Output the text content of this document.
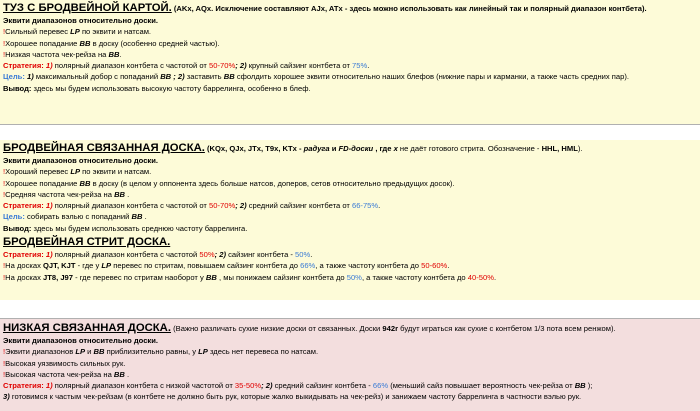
ТУЗ С БРОДВЕЙНОЙ КАРТОЙ. (AKx, AQx. Исключение составляют AJx, ATx - здесь можно использовать как линейный так и полярный диапазон контбета).
Эквити диапазонов относительно доски.
!Сильный перевес LP по эквити и натсам.
!Хорошее попадание BB в доску (особенно средней частью).
!Низкая частота чек-рейза на BB.
Стратегия: 1) полярный диапазон контбета с частотой от 50-70%; 2) крупный сайзинг контбета от 75%.
Цель: 1) максимальный добор с попаданий BB ; 2) заставить BB сфолдить хорошее эквити относительно наших блефов (нижние пары и карманки, а также часть средних пар).
Вывод: здесь мы будем использовать высокую частоту баррелинга, особенно в блеф.
БРОДВЕЙНАЯ СВЯЗАННАЯ ДОСКА. (KQx, QJx, JTx, T9x, KTx - радуга и FD-доски , где x не даёт готового стрита. Обозначение - HHL, HML).
Эквити диапазонов относительно доски.
!Хороший перевес LP по эквити и натсам.
!Хорошее попадание BB в доску (в целом у оппонента здесь больше натсов, доперов, сетов относительно предыдущих досок).
!Средняя частота чек-рейза на BB .
Стратегия: 1) полярный диапазон контбета с частотой от 50-70%; 2) средний сайзинг контбета от 66-75%.
Цель: собирать вэлью с попаданий BB .
Вывод: здесь мы будем использовать среднюю частоту баррелинга.
БРОДВЕЙНАЯ СТРИТ ДОСКА.
Стратегия: 1) полярный диапазон контбета с частотой 50%; 2) сайзинг контбета - 50%.
!На досках QJT, KJT - где у LP перевес по стритам, повышаем сайзинг контбета до 66%, а также частоту контбета до 50-60%.
!На досках JT8, J97 - где перевес по стритам наоборот у BB , мы понижаем сайзинг контбета до 50%, а также частоту контбета до 40-50%.
НИЗКАЯ СВЯЗАННАЯ ДОСКА. (Важно различать сухие низкие доски от связанных. Доски 942r будут играться как сухие с контбетом 1/3 пота всем ренжом).
Эквити диапазонов относительно доски.
!Эквити диапазонов LP и BB приблизительно равны, у LP здесь нет перевеса по натсам.
!Высокая уязвимость сильных рук.
!Высокая частота чек-рейза на BB .
Стратегия: 1) полярный диапазон контбета с низкой частотой от 35-50%; 2) средний сайзинг контбета - 66% (меньший сайз повышает вероятность чек-рейза от BB );
3) готовимся к частым чек-рейзам (в контбете не должно быть рук, которые жалко выкидывать на чек-рейз) и занижаем частоту баррелинга в частности вэлью рук.
